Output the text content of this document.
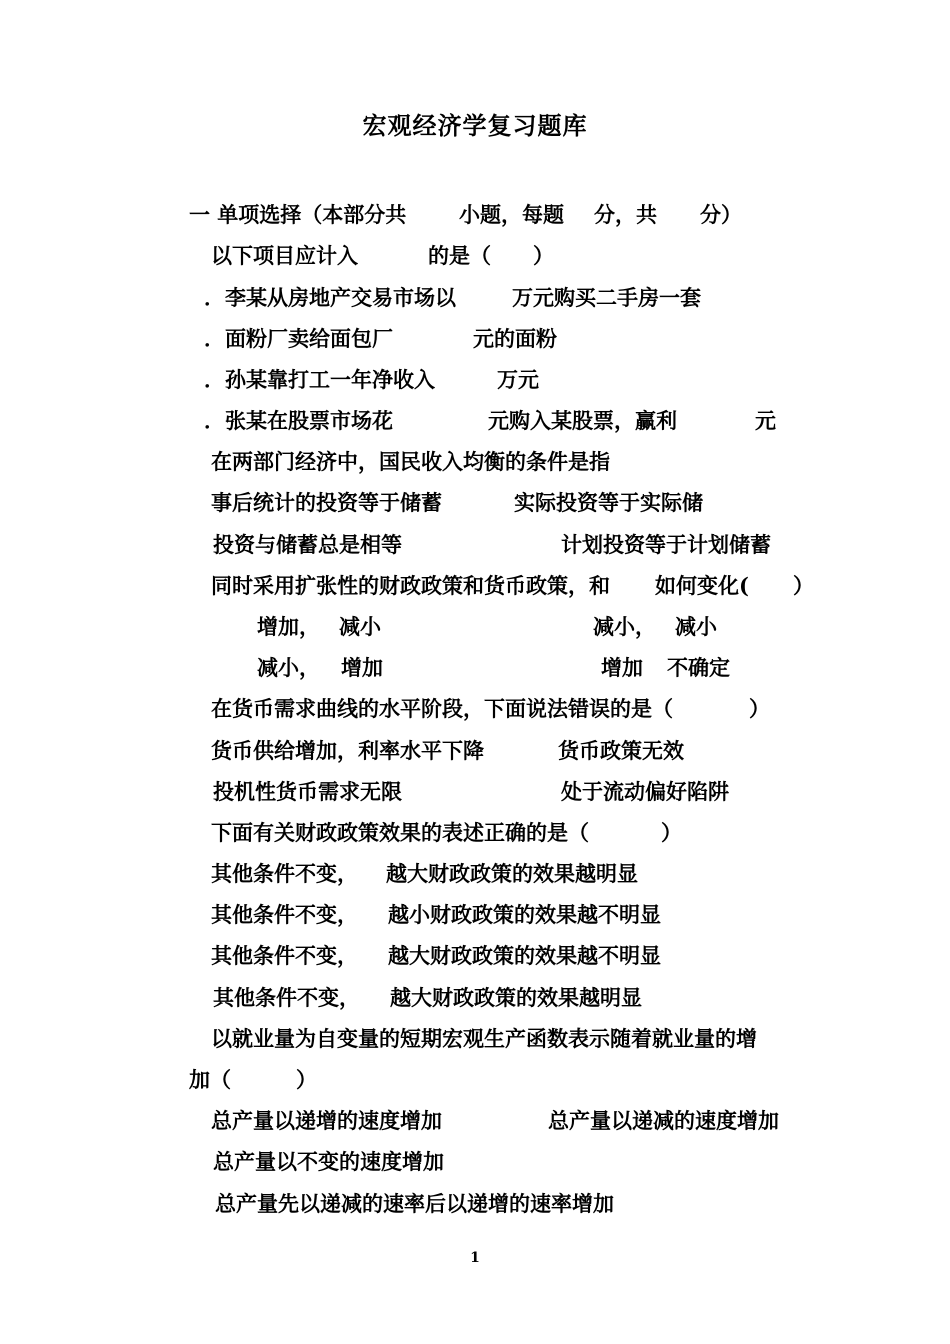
宏观经济学复习题库
一 单项选择（本部分共	小题，每题 分，共 分）
以下项目应计入	的是（ ）
．李某从房地产交易市场以	万元购买二手房一套
．面粉厂卖给面包厂	元的面粉
．孙某靠打工一年净收入	万元
．张某在股票市场花	元购入某股票，赢利	元
在两部门经济中，国民收入均衡的条件是指
事后统计的投资等于储蓄	实际投资等于实际储
投资与储蓄总是相等	计划投资等于计划储蓄
同时采用扩张性的财政政策和货币政策，和 如何变化( ）
增加， 减小	减小， 减小
减小， 增加	增加 不确定
在货币需求曲线的水平阶段，下面说法错误的是（	）
货币供给增加，利率水平下降	货币政策无效
投机性货币需求无限	处于流动偏好陷阱
下面有关财政政策效果的表述正确的是（	）
其他条件不变， 越大财政政策的效果越明显
其他条件不变， 越小财政政策的效果越不明显
其他条件不变， 越大财政政策的效果越不明显
其他条件不变， 越大财政政策的效果越明显
以就业量为自变量的短期宏观生产函数表示随着就业量的增
加（	）
总产量以递增的速度增加	总产量以递减的速度增加
总产量以不变的速度增加
总产量先以递减的速率后以递增的速率增加
1
